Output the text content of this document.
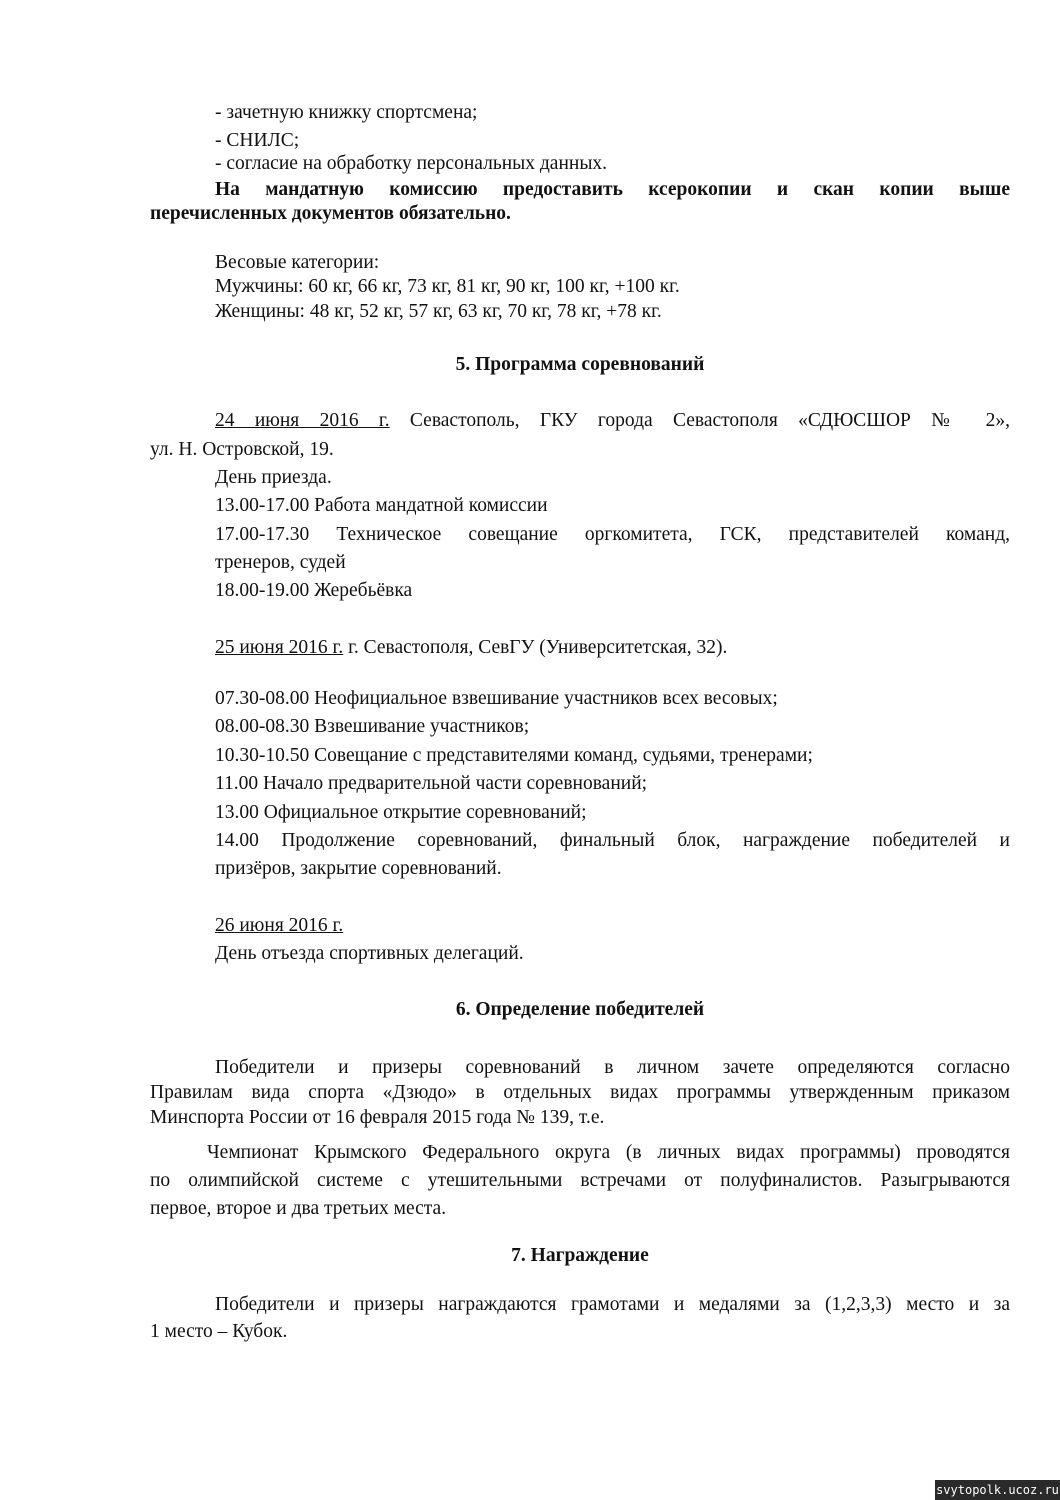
- зачетную книжку спортсмена;
- СНИЛС;
- согласие на обработку персональных данных.
На мандатную комиссию предоставить ксерокопии и скан копии выше
перечисленных документов обязательно.
Весовые категории:
Мужчины: 60 кг, 66 кг, 73 кг, 81 кг, 90 кг, 100 кг, +100 кг.
Женщины: 48 кг, 52 кг, 57 кг, 63 кг, 70 кг, 78 кг, +78 кг.
5. Программа соревнований
24 июня 2016 г. Севастополь, ГКУ города Севастополя «СДЮСШОР № 2»,
ул. Н. Островской, 19.
День приезда.
13.00-17.00 Работа мандатной комиссии
17.00-17.30 Техническое совещание оргкомитета, ГСК, представителей команд,
тренеров, судей
18.00-19.00 Жеребьёвка
25 июня 2016 г. г. Севастополя, СевГУ (Университетская, 32).
07.30-08.00 Неофициальное взвешивание участников всех весовых;
08.00-08.30 Взвешивание участников;
10.30-10.50 Совещание с представителями команд, судьями, тренерами;
11.00 Начало предварительной части соревнований;
13.00 Официальное открытие соревнований;
14.00 Продолжение соревнований, финальный блок, награждение победителей и
призёров, закрытие соревнований.
26 июня 2016 г.
День отъезда спортивных делегаций.
6. Определение победителей
Победители и призеры соревнований в личном зачете определяются согласно
Правилам вида спорта «Дзюдо» в отдельных видах программы утвержденным приказом
Минспорта России от 16 февраля 2015 года № 139, т.е.
Чемпионат Крымского Федерального округа (в личных видах программы) проводятся
по олимпийской системе с утешительными встречами от полуфиналистов. Разыгрываются
первое, второе и два третьих места.
7. Награждение
Победители и призеры награждаются грамотами и медалями за (1,2,3,3) место и за
1 место – Кубок.
svytopolk.ucoz.ru
